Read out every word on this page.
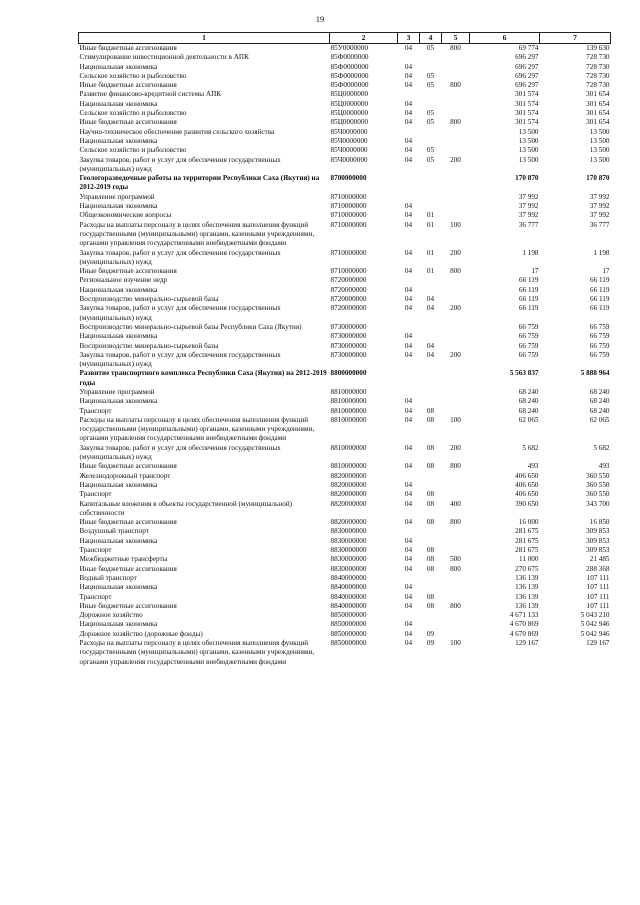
19
1	2	3	4	5	6	7
Иные бюджетные ассигнования	85У0000000	04	05	800	69 774	139 630
Стимулирование инвестиционной деятельности в АПК	85Ф0000000				696 297	728 730
Национальная экономика	85Ф0000000	04			696 297	728 730
Сельское хозяйство и рыболовство	85Ф0000000	04	05		696 297	728 730
Иные бюджетные ассигнования	85Ф0000000	04	05	800	696 297	728 730
Развитие финансово-кредитной системы АПК	85Ц0000000				301 574	301 654
Национальная экономика	85Ц0000000	04			301 574	301 654
Сельское хозяйство и рыболовство	85Ц0000000	04	05		301 574	301 654
Иные бюджетные ассигнования	85Ц0000000	04	05	800	301 574	301 654
Научно-техническое обеспечение развития сельского хозяйства	85Ч0000000				13 500	13 500
Национальная экономика	85Ч0000000	04			13 500	13 500
Сельское хозяйство и рыболовство	85Ч0000000	04	05		13 500	13 500
Закупка товаров, работ и услуг для обеспечения государственных (муниципальных) нужд	85Ч0000000	04	05	200	13 500	13 500
Геологоразведочные работы на территории Республики Саха (Якутия) на 2012-2019 годы	8700000000				170 870	170 870
Управление программой	8710000000				37 992	37 992
Национальная экономика	8710000000	04			37 992	37 992
Общеэкономические вопросы	8710000000	04	01		37 992	37 992
Расходы на выплаты персоналу в целях обеспечения выполнения функций государственными (муниципальными) органами, казенными учреждениями, органами управления государственными внебюджетными фондами	8710000000	04	01	100	36 777	36 777
Закупка товаров, работ и услуг для обеспечения государственных (муниципальных) нужд	8710000000	04	01	200	1 198	1 198
Иные бюджетные ассигнования	8710000000	04	01	800	17	17
Региональное изучение недр	8720000000				66 119	66 119
Национальная экономика	8720000000	04			66 119	66 119
Воспроизводство минерально-сырьевой базы	8720000000	04	04		66 119	66 119
Закупка товаров, работ и услуг для обеспечения государственных (муниципальных) нужд	8720000000	04	04	200	66 119	66 119
Воспроизводство минерально-сырьевой базы Республики Саха (Якутия)	8730000000				66 759	66 759
Национальная экономика	8730000000	04			66 759	66 759
Воспроизводство минерально-сырьевой базы	8730000000	04	04		66 759	66 759
Закупка товаров, работ и услуг для обеспечения государственных (муниципальных) нужд	8730000000	04	04	200	66 759	66 759
Развитие транспортного комплекса Республики Саха (Якутия) на 2012-2019 годы	8800000000				5 563 837	5 888 964
Управление программой	8810000000				68 240	68 240
Национальная экономика	8810000000	04			68 240	68 240
Транспорт	8810000000	04	08		68 240	68 240
Расходы на выплаты персоналу в целях обеспечения выполнения функций государственными (муниципальными) органами, казенными учреждениями, органами управления государственными внебюджетными фондами	8810000000	04	08	100	62 065	62 065
Закупка товаров, работ и услуг для обеспечения государственных (муниципальных) нужд	8810000000	04	08	200	5 682	5 682
Иные бюджетные ассигнования	8810000000	04	08	800	493	493
Железнодорожный транспорт	8820000000				406 650	360 550
Национальная экономика	8820000000	04			406 650	360 550
Транспорт	8820000000	04	08		406 650	360 550
Капитальные вложения в объекты государственной (муниципальной) собственности	8820000000	04	08	400	390 650	343 700
Иные бюджетные ассигнования	8820000000	04	08	800	16 000	16 850
Воздушный транспорт	8830000000				281 675	309 853
Национальная экономика	8830000000	04			281 675	309 853
Транспорт	8830000000	04	08		281 675	309 853
Межбюджетные трансферты	8830000000	04	08	500	11 000	21 485
Иные бюджетные ассигнования	8830000000	04	08	800	270 675	288 368
Водный транспорт	8840000000				136 139	107 111
Национальная экономика	8840000000	04			136 139	107 111
Транспорт	8840000000	04	08		136 139	107 111
Иные бюджетные ассигнования	8840000000	04	08	800	136 139	107 111
Дорожное хозяйство	8850000000				4 671 133	5 043 210
Национальная экономика	8850000000	04			4 670 869	5 042 946
Дорожное хозяйство (дорожные фонды)	8850000000	04	09		4 670 869	5 042 946
Расходы на выплаты персоналу в целях обеспечения выполнения функций государственными (муниципальными) органами, казенными учреждениями, органами управления государственными внебюджетными фондами	8850000000	04	09	100	129 167	129 167
